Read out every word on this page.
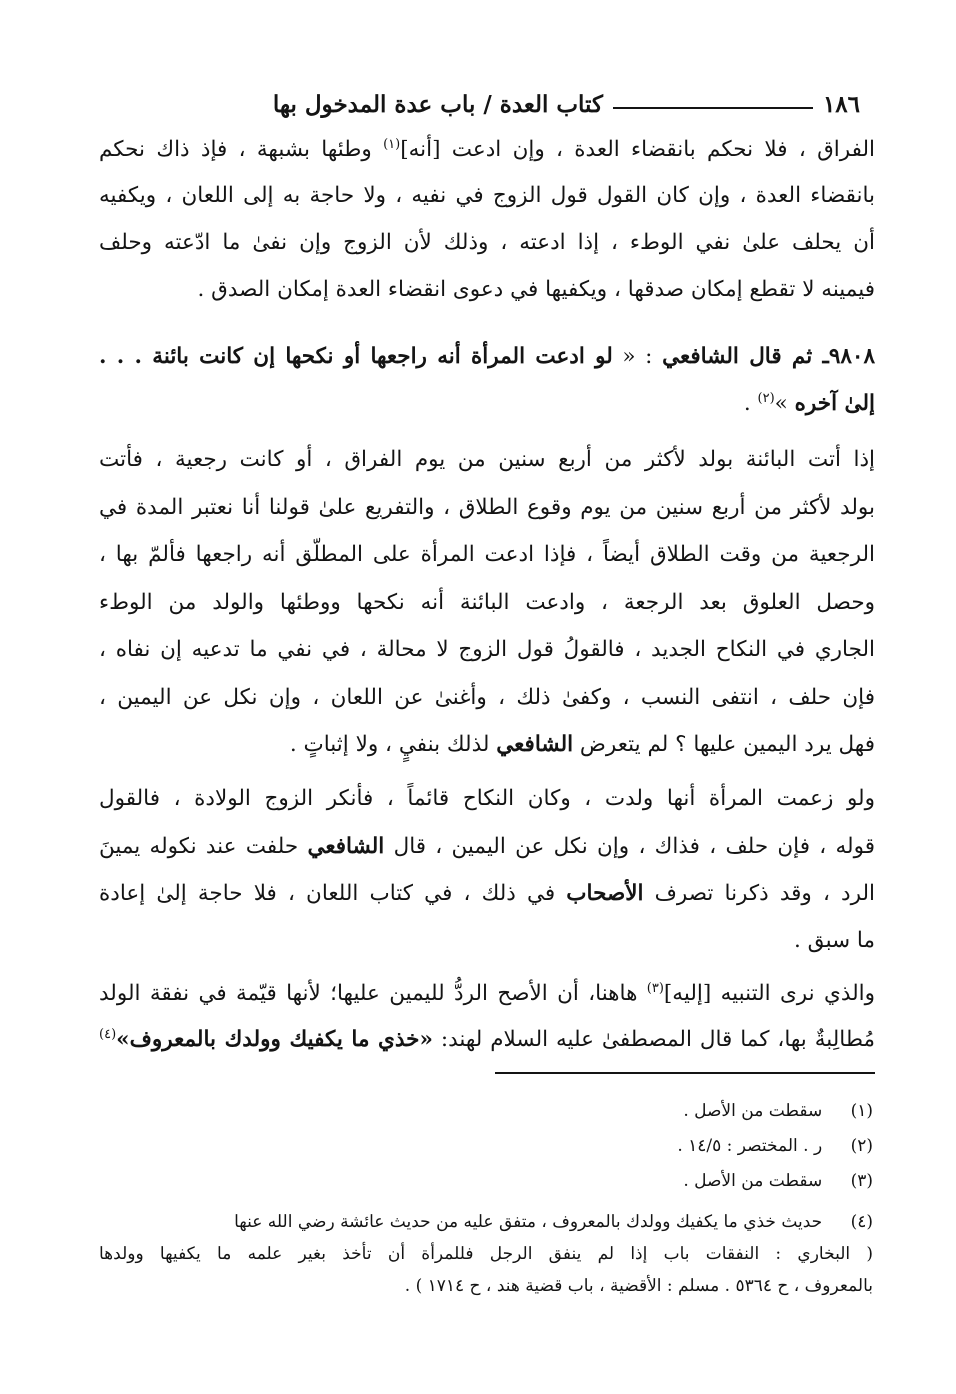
١٨٦
كتاب العدة / باب عدة المدخول بها
الفراق ، فلا نحكم بانقضاء العدة ، وإن ادعت [أنه]$^{(١)}$ وطئها بشبهة ، فإذ ذاك نحكم
بانقضاء العدة ، وإن كان القول قول الزوج في نفيه ، ولا حاجة به إلى اللعان ، ويكفيه
أن يحلف علىٰ نفي الوطء ، إذا ادعته ، وذلك لأن الزوج وإن نفىٰ ما ادّعته وحلف
فيمينه لا تقطع إمكان صدقها ، ويكفيها في دعوى انقضاء العدة إمكان الصدق .
٩٨٠٨ـ ثم قال الشافعي : « لو ادعت المرأة أنه راجعها أو نكحها إن كانت بائنة . . .
إلىٰ آخره »$^{(٢)}$ .
إذا أتت البائنة بولد لأكثر من أربع سنين من يوم الفراق ، أو كانت رجعية ، فأتت
بولد لأكثر من أربع سنين من يوم وقوع الطلاق ، والتفريع علىٰ قولنا أنا نعتبر المدة في
الرجعية من وقت الطلاق أيضاً ، فإذا ادعت المرأة على المطلّق أنه راجعها فألمّ بها ،
وحصل العلوق بعد الرجعة ، وادعت البائنة أنه نكحها ووطئها والولد من الوطء
الجاري في النكاح الجديد ، فالقولُ قول الزوج لا محالة ، في نفي ما تدعيه إن نفاه ،
فإن حلف ، انتفى النسب ، وكفىٰ ذلك ، وأغنىٰ عن اللعان ، وإن نكل عن اليمين ،
فهل يرد اليمين عليها ؟ لم يتعرض الشافعي لذلك بنفيٍ ، ولا إثباتٍ .
ولو زعمت المرأة أنها ولدت ، وكان النكاح قائماً ، فأنكر الزوج الولادة ، فالقول
قوله ، فإن حلف ، فذاك ، وإن نكل عن اليمين ، قال الشافعي حلفت عند نكوله يمينَ
الرد ، وقد ذكرنا تصرف الأصحاب في ذلك ، في كتاب اللعان ، فلا حاجة إلىٰ إعادة
ما سبق .
والذي نرى التنبيه [إليه]$^{(٣)}$ هاهنا، أن الأصح الردُّ لليمين عليها؛ لأنها قيّمة في نفقة الولد
مُطالِبةٌ بها، كما قال المصطفىٰ عليه السلام لهند: «خذي ما يكفيك وولدك بالمعروف»$^{(٤)}$
(١)  سقطت من الأصل .
(٢)  ر . المختصر : ١٤/٥ .
(٣)  سقطت من الأصل .
(٤)  حديث خذي ما يكفيك وولدك بالمعروف ، متفق عليه من حديث عائشة رضي الله عنها
( البخاري : النفقات باب إذا لم ينفق الرجل فللمرأة أن تأخذ بغير علمه ما يكفيها وولدها
بالمعروف ، ح ٥٣٦٤ . مسلم : الأقضية ، باب قضية هند ، ح ١٧١٤ ) .
